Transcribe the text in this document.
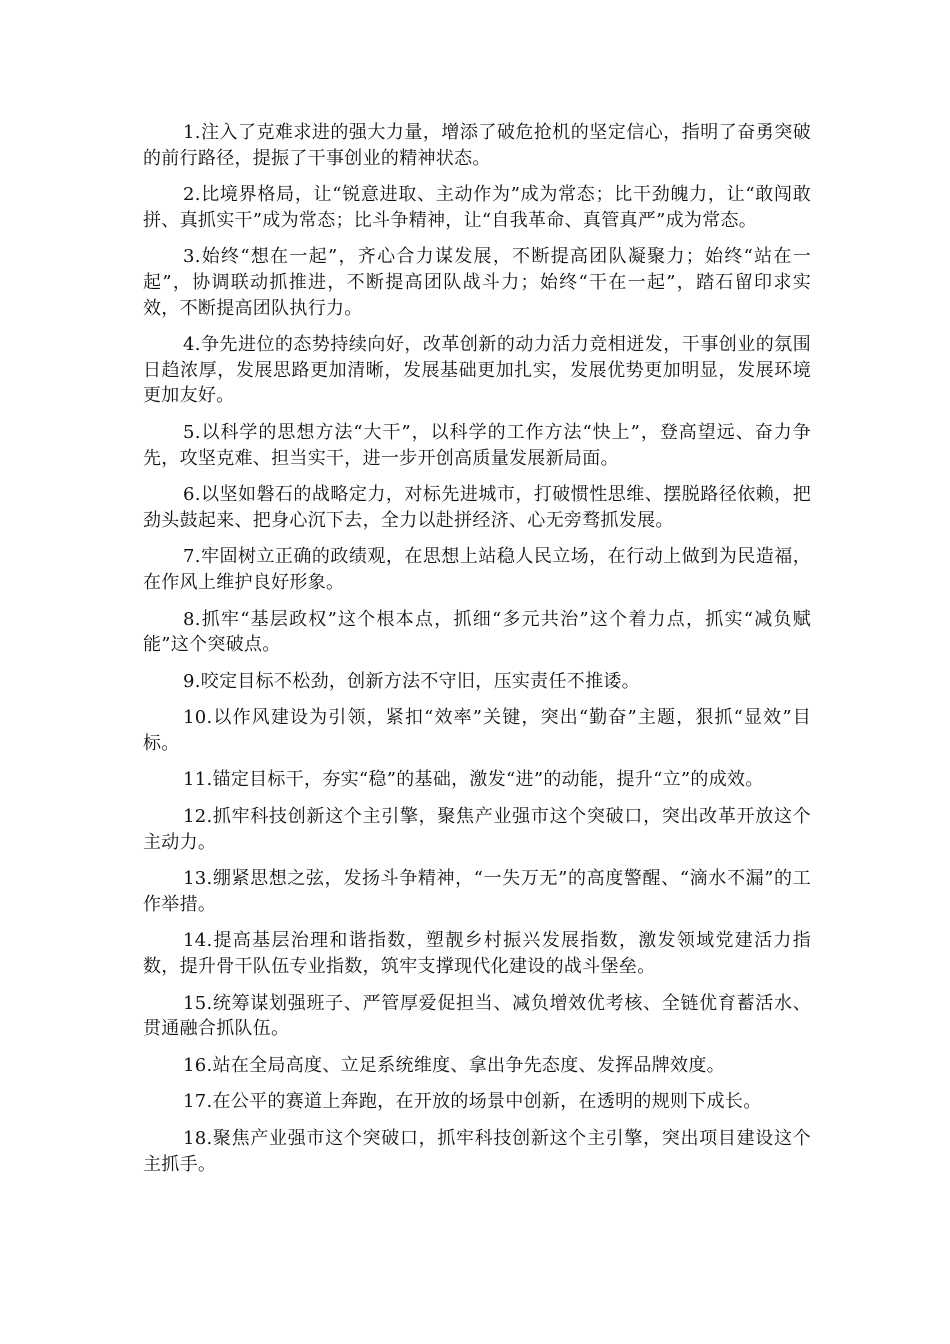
1.注入了克难求进的强大力量，增添了破危抢机的坚定信心，指明了奋勇突破的前行路径，提振了干事创业的精神状态。

2.比境界格局，让“锐意进取、主动作为”成为常态；比干劲魄力，让“敢闯敢拼、真抓实干”成为常态；比斗争精神，让“自我革命、真管真严”成为常态。

3.始终“想在一起”，齐心合力谋发展，不断提高团队凝聚力；始终“站在一起”，协调联动抓推进，不断提高团队战斗力；始终“干在一起”，踏石留印求实效，不断提高团队执行力。

4.争先进位的态势持续向好，改革创新的动力活力竞相迸发，干事创业的氛围日趋浓厚，发展思路更加清晰，发展基础更加扎实，发展优势更加明显，发展环境更加友好。

5.以科学的思想方法“大干”，以科学的工作方法“快上”，登高望远、奋力争先，攻坚克难、担当实干，进一步开创高质量发展新局面。

6.以坚如磐石的战略定力，对标先进城市，打破惯性思维、摆脱路径依赖，把劲头鼓起来、把身心沉下去，全力以赴拼经济、心无旁骛抓发展。

7.牢固树立正确的政绩观，在思想上站稳人民立场，在行动上做到为民造福，在作风上维护良好形象。

8.抓牢“基层政权”这个根本点，抓细“多元共治”这个着力点，抓实“减负赋能”这个突破点。

9.咬定目标不松劲，创新方法不守旧，压实责任不推诿。

10.以作风建设为引领，紧扣“效率”关键，突出“勤奋”主题，狠抓“显效”目标。

11.锚定目标干，夯实“稳”的基础，激发“进”的动能，提升“立”的成效。

12.抓牢科技创新这个主引擎，聚焦产业强市这个突破口，突出改革开放这个主动力。

13.绷紧思想之弦，发扬斗争精神，“一失万无”的高度警醒、“滴水不漏”的工作举措。

14.提高基层治理和谐指数，塑靓乡村振兴发展指数，激发领域党建活力指数，提升骨干队伍专业指数，筑牢支撑现代化建设的战斗堡垒。

15.统筹谋划强班子、严管厚爱促担当、减负增效优考核、全链优育蓄活水、贯通融合抓队伍。

16.站在全局高度、立足系统维度、拿出争先态度、发挥品牌效度。

17.在公平的赛道上奔跑，在开放的场景中创新，在透明的规则下成长。

18.聚焦产业强市这个突破口，抓牢科技创新这个主引擎，突出项目建设这个主抓手。
